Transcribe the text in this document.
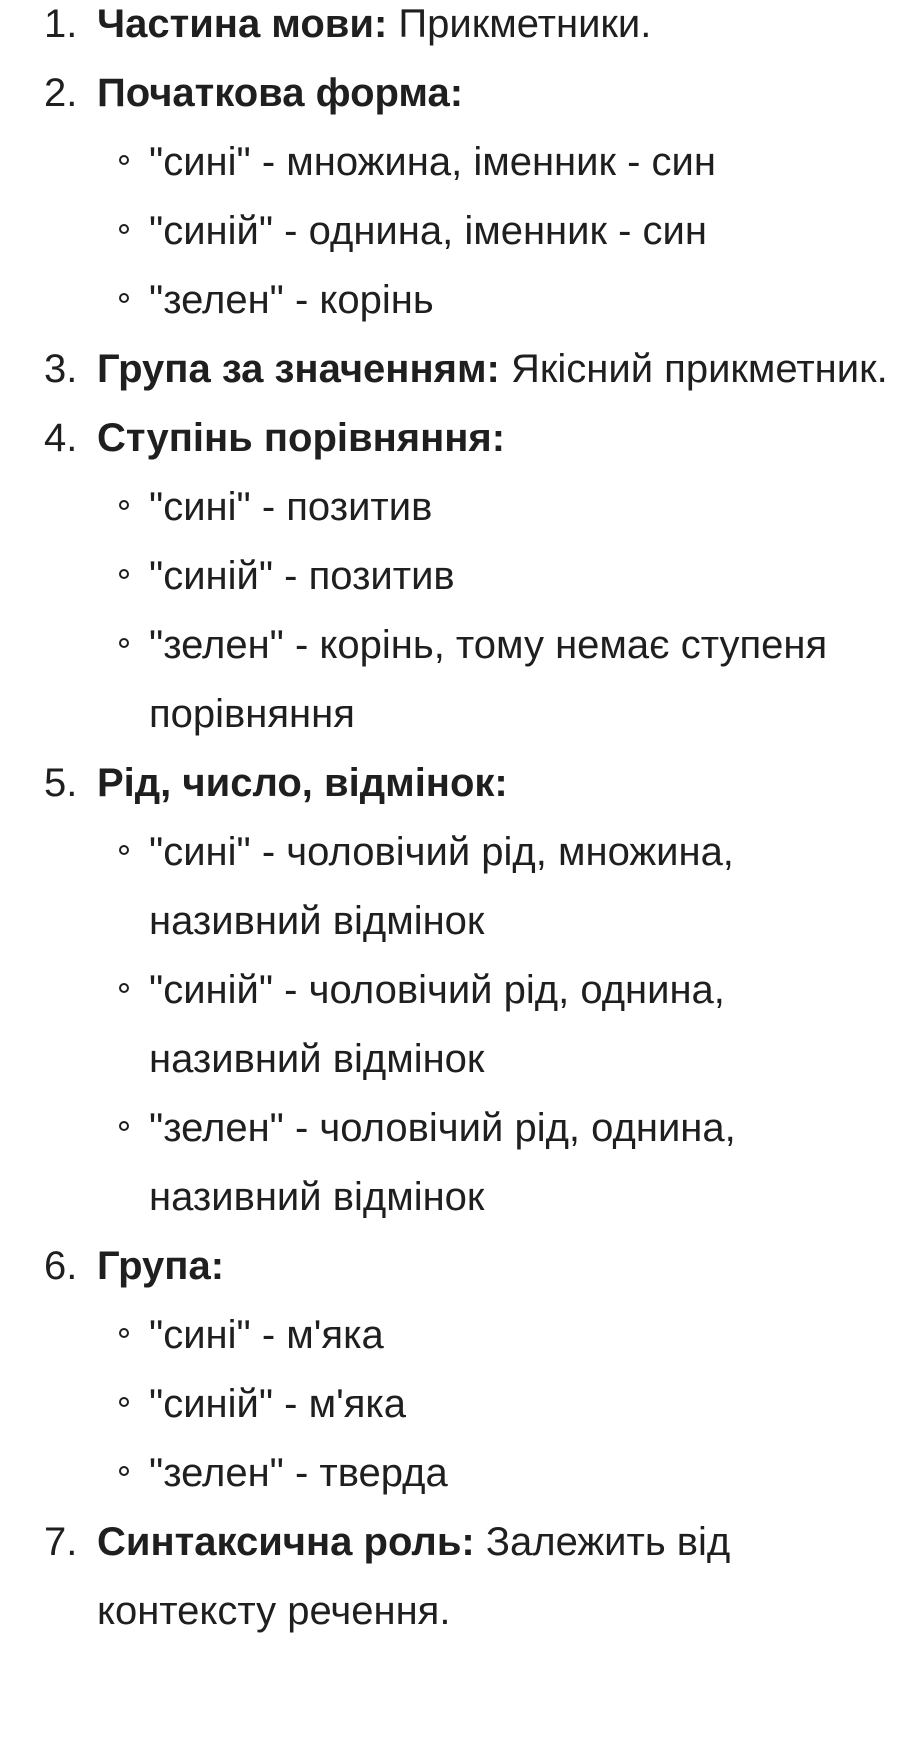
1. Частина мови: Прикметники.
2. Початкова форма:
"сині" - множина, іменник - син
"синій" - однина, іменник - син
"зелен" - корінь
3. Група за значенням: Якісний прикметник.
4. Ступінь порівняння:
"сині" - позитив
"синій" - позитив
"зелен" - корінь, тому немає ступеня порівняння
5. Рід, число, відмінок:
"сині" - чоловічий рід, множина, називний відмінок
"синій" - чоловічий рід, однина, називний відмінок
"зелен" - чоловічий рід, однина, називний відмінок
6. Група:
"сині" - м'яка
"синій" - м'яка
"зелен" - тверда
7. Синтаксична роль: Залежить від контексту речення.
